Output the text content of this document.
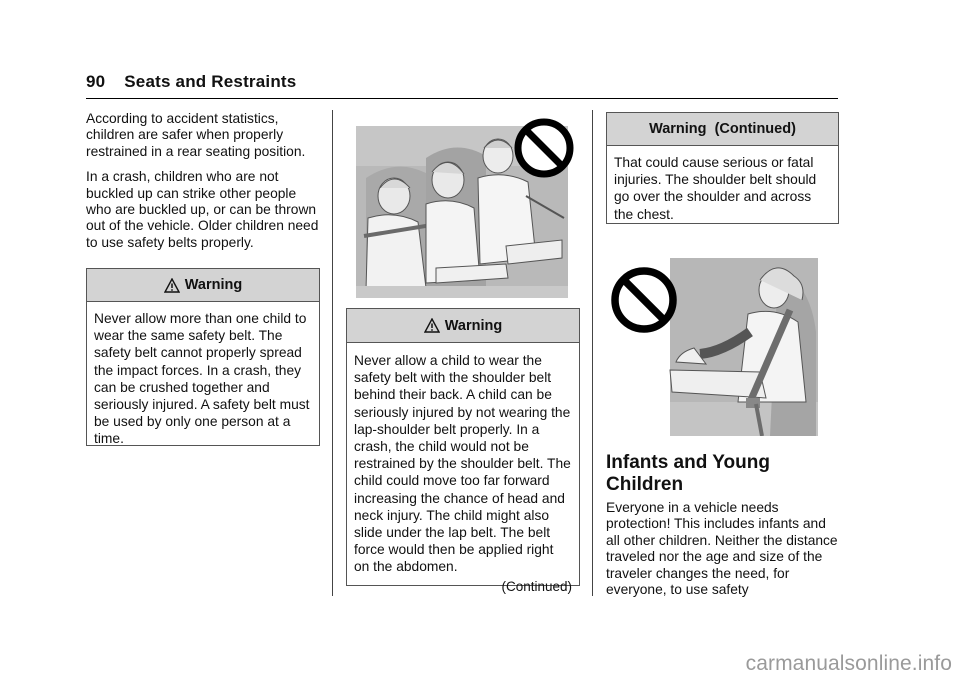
90 Seats and Restraints

According to accident statistics, children are safer when properly restrained in a rear seating position.

In a crash, children who are not buckled up can strike other people who are buckled up, or can be thrown out of the vehicle. Older children need to use safety belts properly.

Warning
Never allow more than one child to wear the same safety belt. The safety belt cannot properly spread the impact forces. In a crash, they can be crushed together and seriously injured. A safety belt must be used by only one person at a time.
Warning
Never allow a child to wear the safety belt with the shoulder belt behind their back. A child can be seriously injured by not wearing the lap-shoulder belt properly. In a crash, the child would not be restrained by the shoulder belt. The child could move too far forward increasing the chance of head and neck injury. The child might also slide under the lap belt. The belt force would then be applied right on the abdomen.
(Continued)
Warning  (Continued)
That could cause serious or fatal injuries. The shoulder belt should go over the shoulder and across the chest.
Infants and Young Children

Everyone in a vehicle needs protection! This includes infants and all other children. Neither the distance traveled nor the age and size of the traveler changes the need, for everyone, to use safety

carmanualsonline.info
